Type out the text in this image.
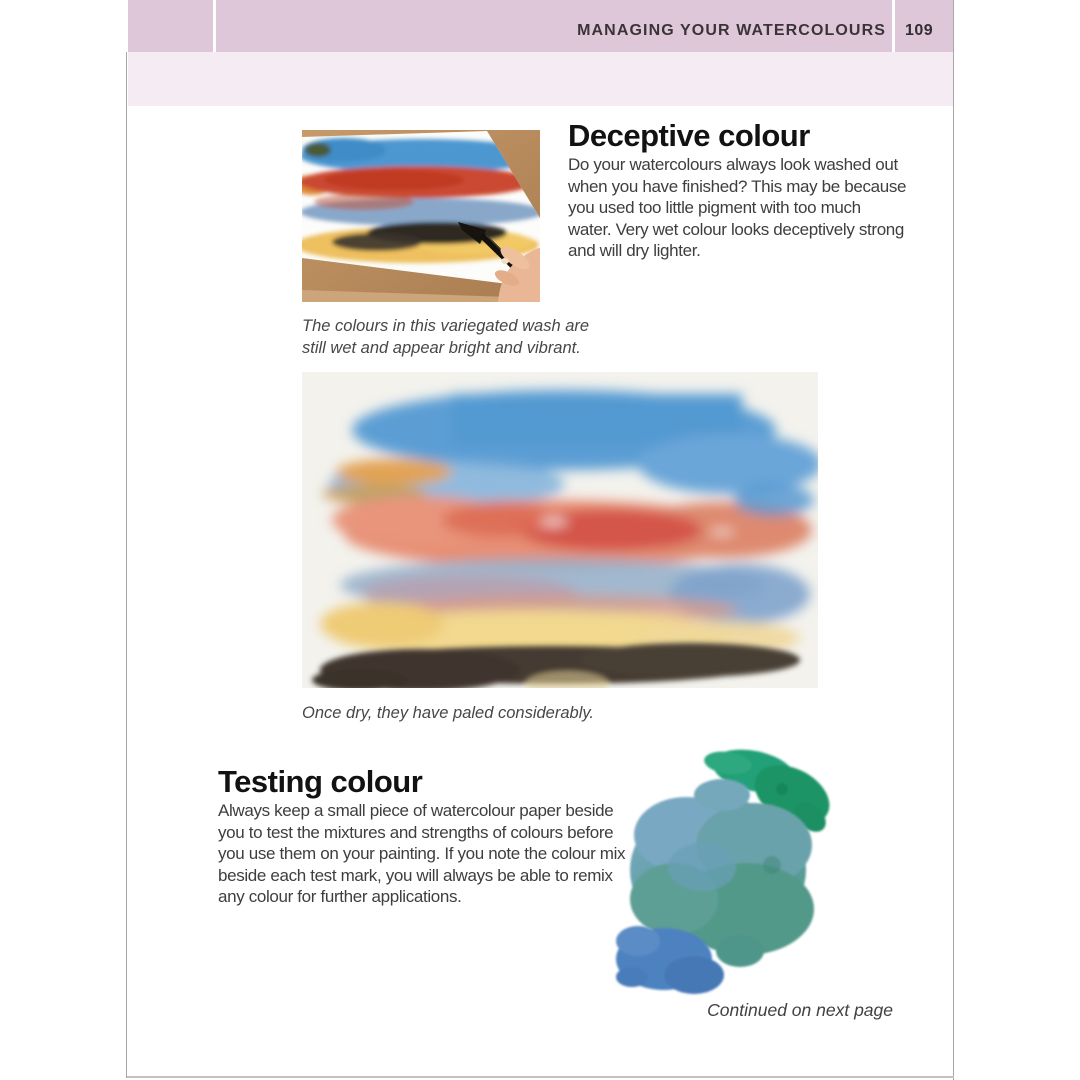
MANAGING YOUR WATERCOLOURS 109
The colours in this variegated wash are
still wet and appear bright and vibrant.
Deceptive colour
Do your watercolours always look washed out
when you have finished? This may be because
you used too little pigment with too much
water. Very wet colour looks deceptively strong
and will dry lighter.
Once dry, they have paled considerably.
Testing colour
Always keep a small piece of watercolour paper beside
you to test the mixtures and strengths of colours before
you use them on your painting. If you note the colour mix
beside each test mark, you will always be able to remix
any colour for further applications.
Continued on next page
